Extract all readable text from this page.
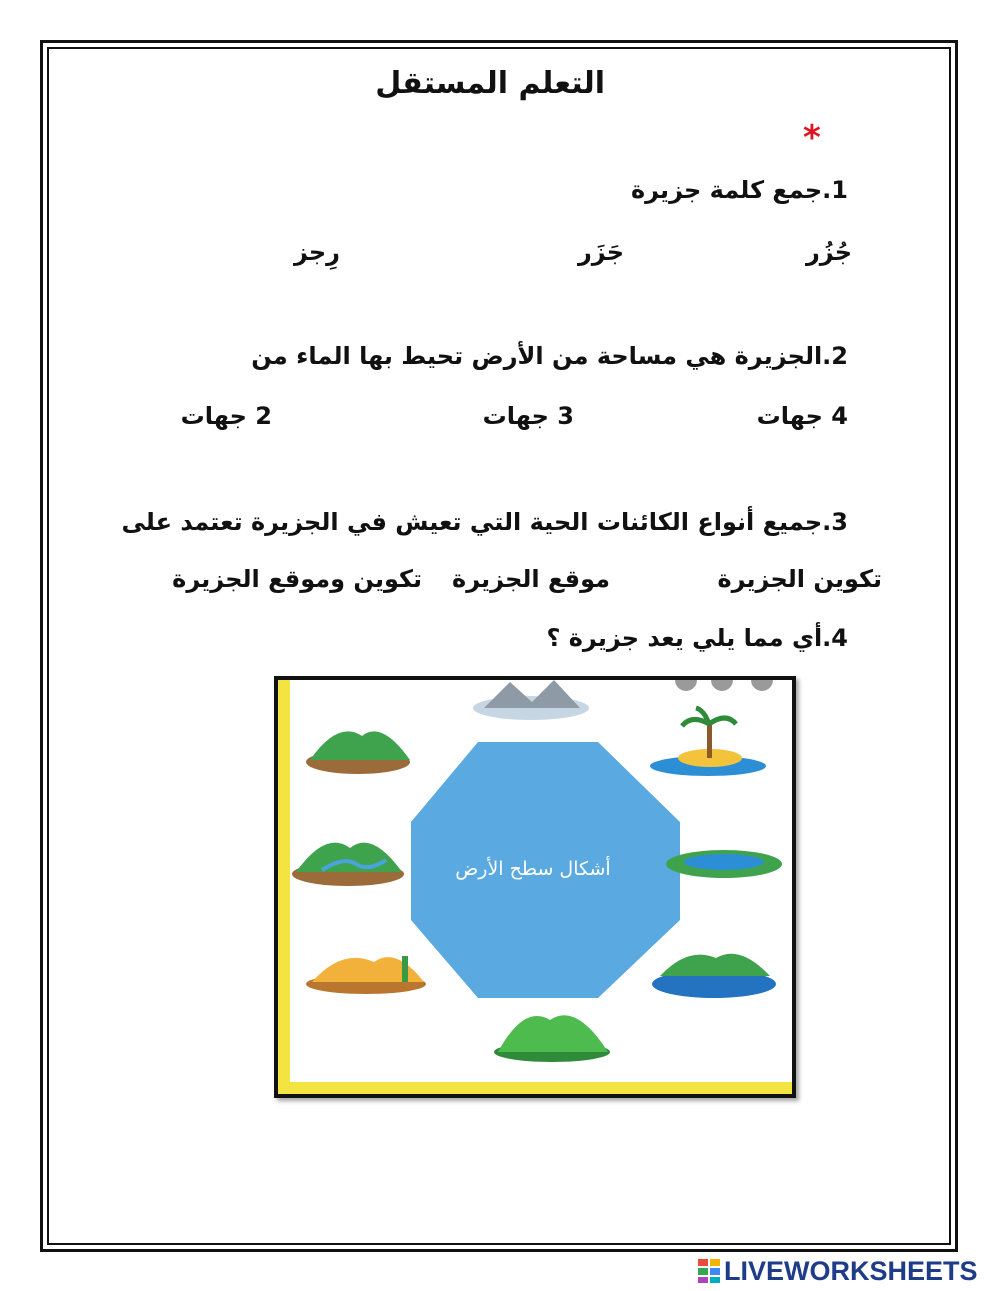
التعلم المستقل
*
1.جمع كلمة جزيرة
جُزُر
جَزَر
رِجز
2.الجزيرة هي مساحة من الأرض تحيط بها الماء من
4 جهات
3 جهات
2 جهات
3.جميع أنواع الكائنات الحية التي تعيش في الجزيرة تعتمد على
تكوين الجزيرة
موقع الجزيرة
تكوين وموقع الجزيرة
4.أي مما يلي يعد جزيرة ؟
أشكال سطح الأرض
LIVEWORKSHEETS
